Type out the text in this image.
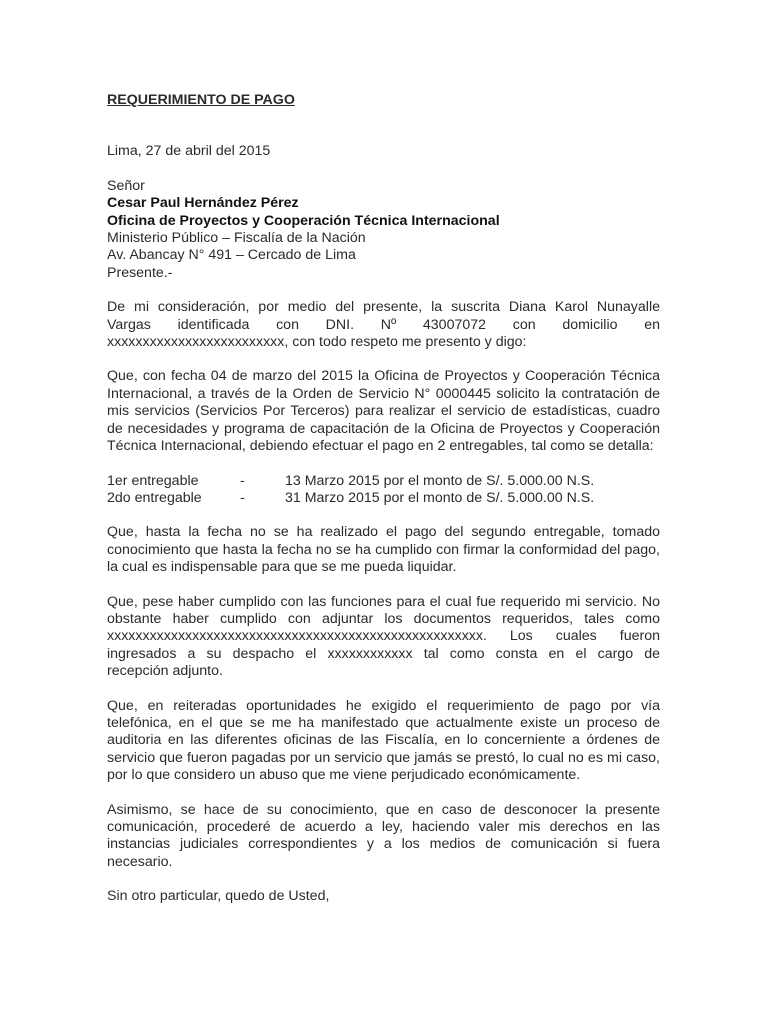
REQUERIMIENTO DE PAGO
Lima, 27 de abril del 2015
Señor
Cesar Paul Hernández Pérez
Oficina de Proyectos y Cooperación Técnica Internacional
Ministerio Público – Fiscalía de la Nación
Av. Abancay N° 491 – Cercado de Lima
Presente.-

De mi consideración, por medio del presente, la suscrita Diana Karol Nunayalle
Vargas identificada con DNI. Nº 43007072 con domicilio en
xxxxxxxxxxxxxxxxxxxxxxxxx, con todo respeto me presento y digo:

Que, con fecha 04 de marzo del 2015 la Oficina de Proyectos y Cooperación Técnica Internacional, a través de la Orden de Servicio N° 0000445 solicito la contratación de mis servicios (Servicios Por Terceros) para realizar el servicio de estadísticas, cuadro de necesidades y programa de capacitación de la Oficina de Proyectos y Cooperación Técnica Internacional, debiendo efectuar el pago en 2 entregables, tal como se detalla:

1er entregable	-	13 Marzo 2015 por el monto de S/. 5.000.00 N.S.
2do entregable	-	31 Marzo 2015 por el monto de S/. 5.000.00 N.S.

Que, hasta la fecha no se ha realizado el pago del segundo entregable, tomado conocimiento que hasta la fecha no se ha cumplido con firmar la conformidad del pago, la cual es indispensable para que se me pueda liquidar.

Que, pese haber cumplido con las funciones para el cual fue requerido mi servicio. No
obstante haber cumplido con adjuntar los documentos requeridos, tales como
xxxxxxxxxxxxxxxxxxxxxxxxxxxxxxxxxxxxxxxxxxxxxxxxxxxxx. Los cuales fueron
ingresados a su despacho el xxxxxxxxxxxx tal como consta en el cargo de
recepción adjunto.

Que, en reiteradas oportunidades he exigido el requerimiento de pago por vía telefónica, en el que se me ha manifestado que actualmente existe un proceso de auditoria en las diferentes oficinas de las Fiscalía, en lo concerniente a órdenes de servicio que fueron pagadas por un servicio que jamás se prestó, lo cual no es mi caso, por lo que considero un abuso que me viene perjudicado económicamente.

Asimismo, se hace de su conocimiento, que en caso de desconocer la presente comunicación, procederé de acuerdo a ley, haciendo valer mis derechos en las instancias judiciales correspondientes y a los medios de comunicación si fuera necesario.

Sin otro particular, quedo de Usted,
